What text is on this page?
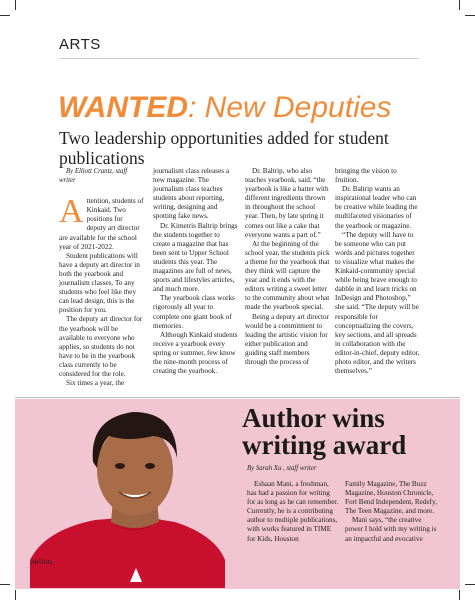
ARTS
WANTED: New Deputies
Two leadership opportunities added for student publications

By Elliott Crantz, staff writer

Attention, students of Kinkaid. Two positions for deputy art director are available for the school year of 2021-2022.

Student publications will have a deputy art director in both the yearbook and journalism classes. To any students who feel like they can lead design, this is the position for you.

The deputy art director for the yearbook will be available to everyone who applies, so students do not have to be in the yearbook class currently to be considered for the role.

Six times a year, the

journalism class releases a new magazine. The journalism class teaches students about reporting, writing, designing and spotting fake news.

Dr. Kimetris Baltrip brings the students together to create a magazine that has been sent to Upper School students this year. The magazines are full of news, sports and lifestyles articles, and much more.

The yearbook class works rigorously all year to complete one giant book of memories.

Although Kinkaid students receive a yearbook every spring or summer, few know the nine-month process of creating the yearbook.

Dr. Baltrip, who also teaches yearbook, said, “the yearbook is like a batter with different ingredients thrown in throughout the school year. Then, by late spring it comes out like a cake that everyone wants a part of.”

At the beginning of the school year, the students pick a theme for the yearbook that they think will capture the year and it ends with the editors writing a sweet letter to the community about what made the yearbook special.

Being a deputy art director would be a commitment to leading the artistic vision for either publication and guiding staff members through the process of

bringing the vision to fruition.

Dr. Baltrip wants an inspirational leader who can be creative while leading the multifaceted visionaries of the yearbook or magazine.

“The deputy will have to be someone who can put words and pictures together to visualize what makes the Kinkaid-community special while being brave enough to dabble in and learn tricks on InDesign and Photoshop,” she said. “The deputy will be responsible for conceptualizing the covers, key sections, and all spreads in collaboration with the editor-in-chief, deputy editor, photo editor, and the writers themselves.”

Author wins writing award
By Sarah Xu , staff writer

Eshaan Mani, a freshman, has had a passion for writing for as long as he can remember. Currently, he is a contributing author to multiple publications, with works featured in TIME for Kids, Houston

Family Magazine, The Buzz Magazine, Houston Chronicle, Fort Bend Independent, Redefy, The Teen Magazine, and more.

Mani says, “the creative power I hold with my writing is an impactful and evocative

24///Arts
